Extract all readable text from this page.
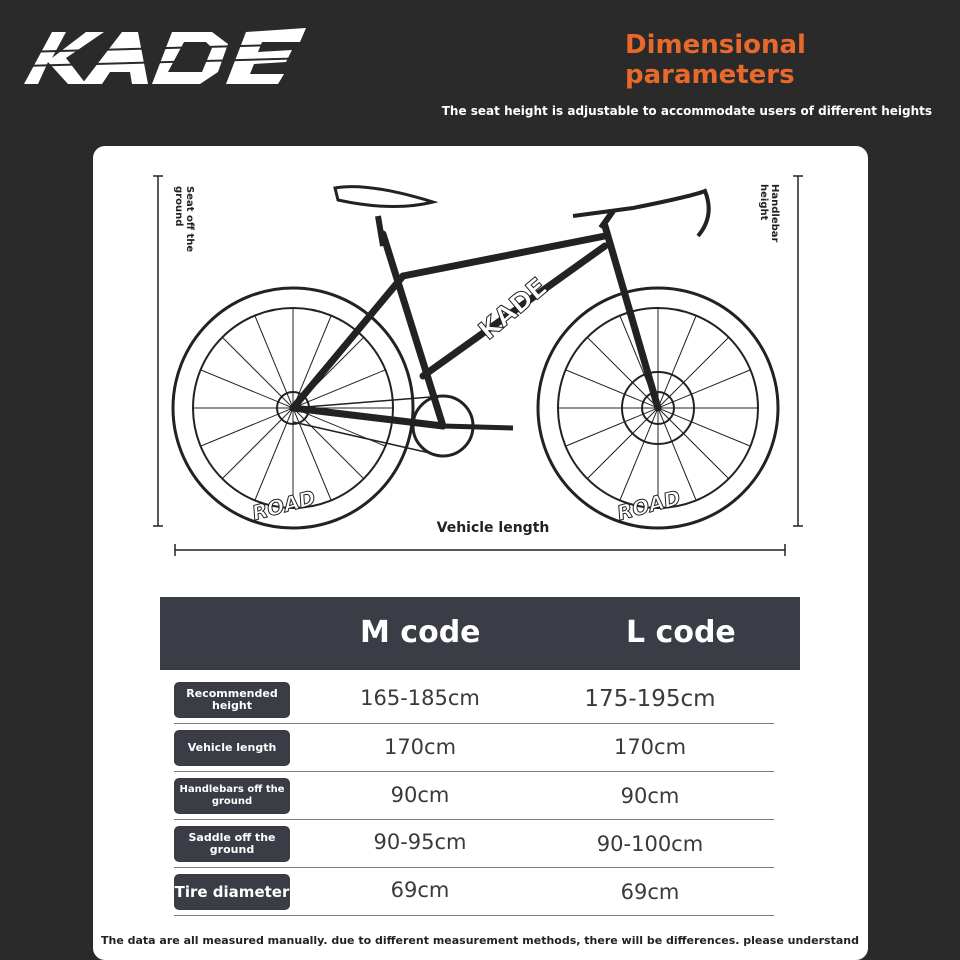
Dimensional
parameters
The seat height is adjustable to accommodate users of different heights
KADE
ROAD	ROAD
Seat off the ground	Handlebar height
Vehicle length
M code	L code
Recommended height	165-185cm	175-195cm
Vehicle length	170cm	170cm
Handlebars off the ground	90cm	90cm
Saddle off the ground	90-95cm	90-100cm
Tire diameter	69cm	69cm
The data are all measured manually. due to different measurement methods, there will be differences. please understand
